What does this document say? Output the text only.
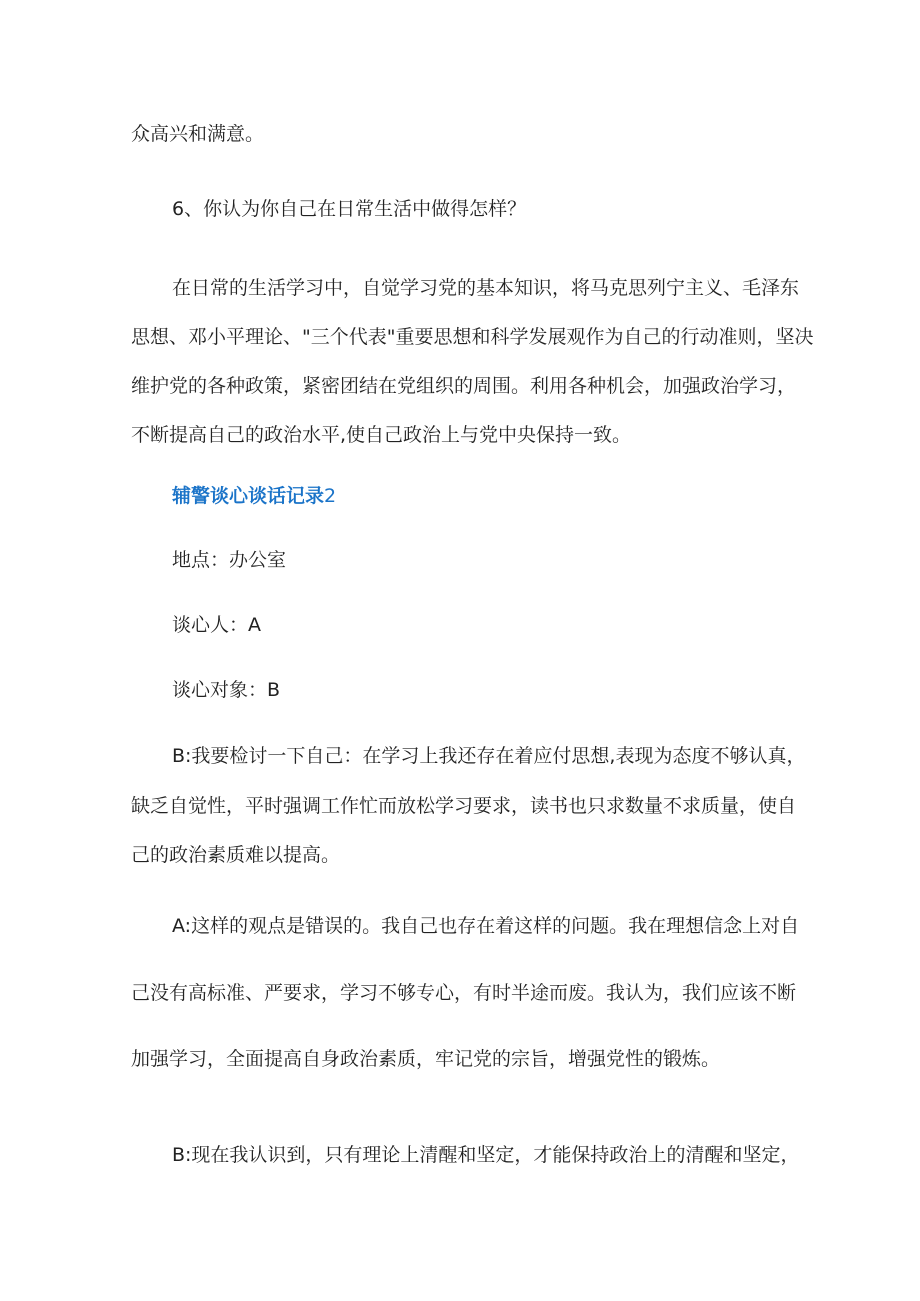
众高兴和满意。
6、你认为你自己在日常生活中做得怎样？
在日常的生活学习中，自觉学习党的基本知识，将马克思列宁主义、毛泽东
思想、邓小平理论、"三个代表"重要思想和科学发展观作为自己的行动准则，坚决
维护党的各种政策，紧密团结在党组织的周围。利用各种机会，加强政治学习，
不断提高自己的政治水平,使自己政治上与党中央保持一致。
辅警谈心谈话记录2
地点：办公室
谈心人：A
谈心对象：B
B:我要检讨一下自己：在学习上我还存在着应付思想,表现为态度不够认真，
缺乏自觉性，平时强调工作忙而放松学习要求，读书也只求数量不求质量，使自
己的政治素质难以提高。
A:这样的观点是错误的。我自己也存在着这样的问题。我在理想信念上对自
己没有高标准、严要求，学习不够专心，有时半途而废。我认为，我们应该不断
加强学习，全面提高自身政治素质，牢记党的宗旨，增强党性的锻炼。
B:现在我认识到，只有理论上清醒和坚定，才能保持政治上的清醒和坚定，
